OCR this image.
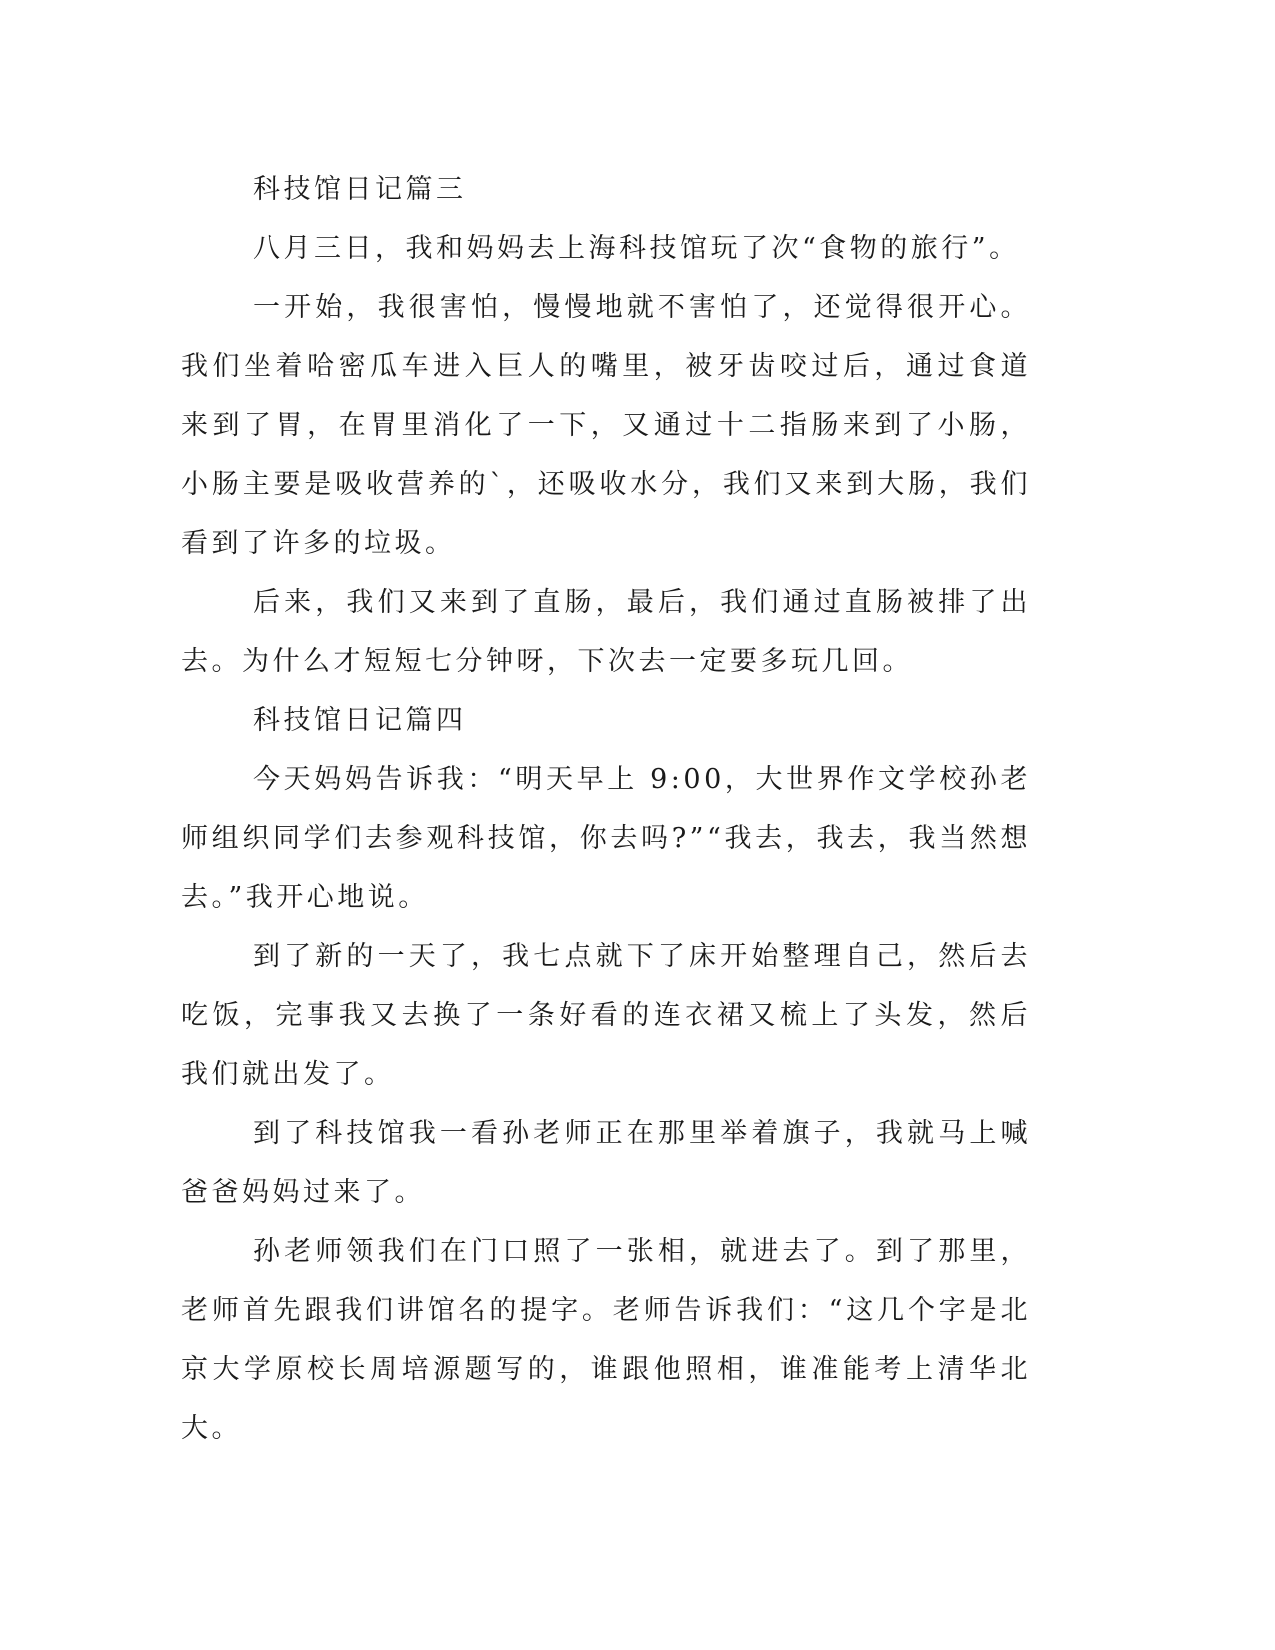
科技馆日记篇三

八月三日，我和妈妈去上海科技馆玩了次“食物的旅行”。

一开始，我很害怕，慢慢地就不害怕了，还觉得很开心。我们坐着哈密瓜车进入巨人的嘴里，被牙齿咬过后，通过食道来到了胃，在胃里消化了一下，又通过十二指肠来到了小肠，小肠主要是吸收营养的`，还吸收水分，我们又来到大肠，我们看到了许多的垃圾。

后来，我们又来到了直肠，最后，我们通过直肠被排了出去。为什么才短短七分钟呀，下次去一定要多玩几回。

科技馆日记篇四

今天妈妈告诉我：“明天早上 9:00，大世界作文学校孙老师组织同学们去参观科技馆，你去吗?”“我去，我去，我当然想去。”我开心地说。

到了新的一天了，我七点就下了床开始整理自己，然后去吃饭，完事我又去换了一条好看的连衣裙又梳上了头发，然后我们就出发了。

到了科技馆我一看孙老师正在那里举着旗子，我就马上喊爸爸妈妈过来了。

孙老师领我们在门口照了一张相，就进去了。到了那里，老师首先跟我们讲馆名的提字。老师告诉我们：“这几个字是北京大学原校长周培源题写的，谁跟他照相，谁准能考上清华北大。
